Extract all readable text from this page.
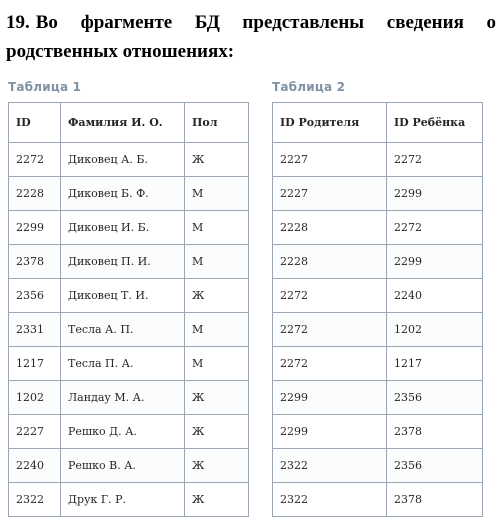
19. Во фрагменте БД представлены сведения о родственных отношениях:

Таблица 1	Таблица 2
ID	Фамилия И. О.	Пол
2272	Диковец А. Б.	Ж
2228	Диковец Б. Ф.	М
2299	Диковец И. Б.	М
2378	Диковец П. И.	М
2356	Диковец Т. И.	Ж
2331	Тесла А. П.	М
1217	Тесла П. А.	М
1202	Ландау М. А.	Ж
2227	Решко Д. А.	Ж
2240	Решко В. А.	Ж
2322	Друк Г. Р.	Ж
ID Родителя	ID Ребёнка
2227	2272
2227	2299
2228	2272
2228	2299
2272	2240
2272	1202
2272	1217
2299	2356
2299	2378
2322	2356
2322	2378
